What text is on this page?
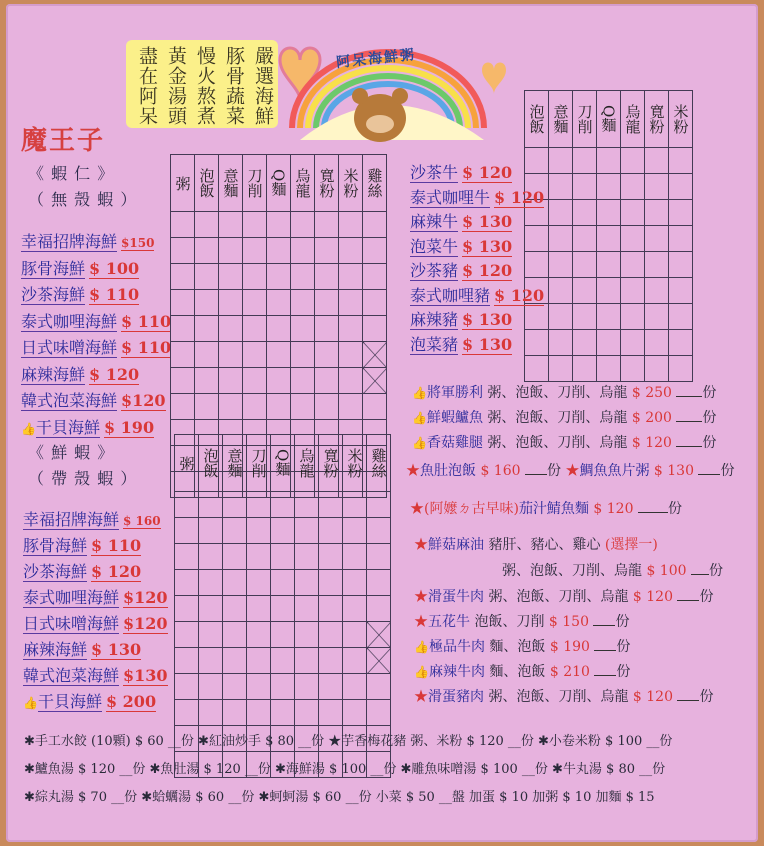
嚴選海鮮
豚骨蔬菜
慢火熬煮
黃金湯頭
盡在阿呆	阿呆海鮮粥
魔王子
《 蝦 仁 》
（ 無 殼 蝦 ）
幸福招牌海鮮 $150
豚骨海鮮 $ 100
沙茶海鮮 $ 110
泰式咖哩海鮮 $ 110
日式味噌海鮮 $ 110
麻辣海鮮 $ 120
韓式泡菜海鮮 $120
👍干貝海鮮 $ 190
《 鮮 蝦 》
（ 帶 殼 蝦 ）
幸福招牌海鮮 $ 160
豚骨海鮮 $ 110
沙茶海鮮 $ 120
泰式咖哩海鮮 $120
日式味噌海鮮 $120
麻辣海鮮 $ 130
韓式泡菜海鮮 $130
👍干貝海鮮 $ 200
粥	泡飯	意麵	刀削	Q麵	烏龍	寬粉	米粉	雞絲

粥	泡飯	意麵	刀削	Q麵	烏龍	寬粉	米粉	雞絲

泡飯	意麵	刀削	Q麵	烏龍	寬粉	米粉

沙茶牛 $ 120
泰式咖哩牛 $ 120
麻辣牛 $ 130
泡菜牛 $ 130
沙茶豬 $ 120
泰式咖哩豬 $ 120
麻辣豬 $ 130
泡菜豬 $ 130
👍將軍勝利 粥、泡飯、刀削、烏龍 $ 250 份
👍鮮蝦鱸魚 粥、泡飯、刀削、烏龍 $ 200 份
👍香菇雞腿 粥、泡飯、刀削、烏龍 $ 120 份
★魚肚泡飯 $ 160 份 ★鯛魚魚片粥 $ 130 份
★(阿嬤ㄉ古早味)茄汁鯖魚麵 $ 120 份
★鮮菇麻油 豬肝、豬心、雞心 (選擇一)
粥、泡飯、刀削、烏龍 $ 100 份
★滑蛋牛肉 粥、泡飯、刀削、烏龍 $ 120 份
★五花牛 泡飯、刀削 $ 150 份
👍極品牛肉 麵、泡飯 $ 190 份
👍麻辣牛肉 麵、泡飯 $ 210 份
★滑蛋豬肉 粥、泡飯、刀削、烏龍 $ 120 份
✱手工水餃 (10顆) $ 60 __份 ✱紅油炒手 $ 80 __份 ★芋香梅花豬 粥、米粉 $ 120 __份 ✱小卷米粉 $ 100 __份
✱鱸魚湯 $ 120 __份 ✱魚肚湯 $ 120 __份 ✱海鮮湯 $ 100 __份 ✱雕魚味噌湯 $ 100 __份 ✱牛丸湯 $ 80 __份
✱綜丸湯 $ 70 __份 ✱蛤蠣湯 $ 60 __份 ✱蚵蚵湯 $ 60 __份 小菜 $ 50 __盤 加蛋 $ 10 加粥 $ 10 加麵 $ 15
